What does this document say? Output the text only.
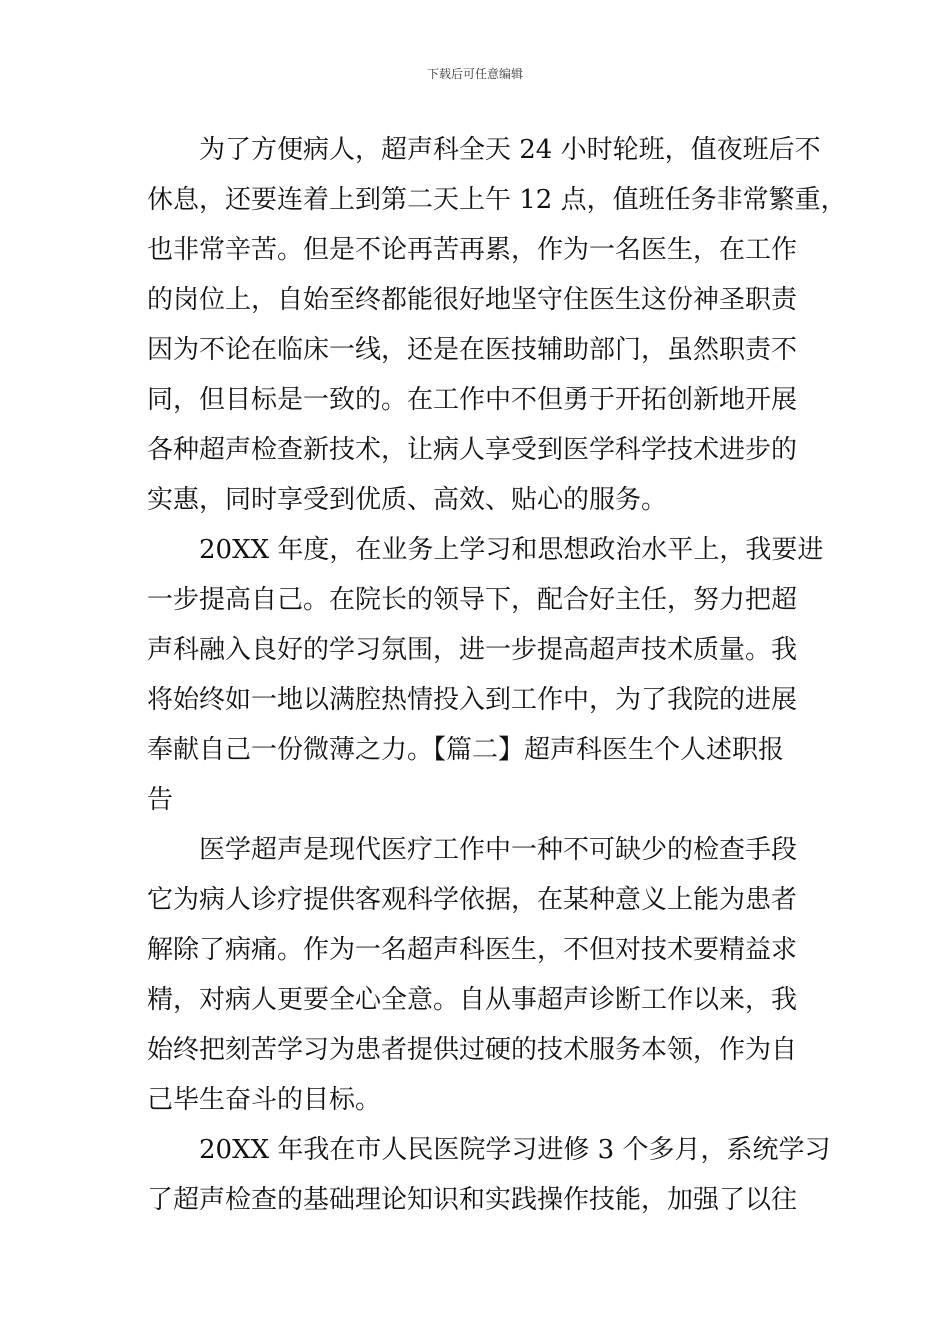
下载后可任意编辑
为了方便病人，超声科全天 24 小时轮班，值夜班后不
休息，还要连着上到第二天上午 12 点，值班任务非常繁重，
也非常辛苦。但是不论再苦再累，作为一名医生，在工作
的岗位上，自始至终都能很好地坚守住医生这份神圣职责
因为不论在临床一线，还是在医技辅助部门，虽然职责不
同，但目标是一致的。在工作中不但勇于开拓创新地开展
各种超声检查新技术，让病人享受到医学科学技术进步的
实惠，同时享受到优质、高效、贴心的服务。
20XX 年度，在业务上学习和思想政治水平上，我要进
一步提高自己。在院长的领导下，配合好主任，努力把超
声科融入良好的学习氛围，进一步提高超声技术质量。我
将始终如一地以满腔热情投入到工作中，为了我院的进展
奉献自己一份微薄之力。【篇二】超声科医生个人述职报
告
医学超声是现代医疗工作中一种不可缺少的检查手段
它为病人诊疗提供客观科学依据，在某种意义上能为患者
解除了病痛。作为一名超声科医生，不但对技术要精益求
精，对病人更要全心全意。自从事超声诊断工作以来，我
始终把刻苦学习为患者提供过硬的技术服务本领，作为自
己毕生奋斗的目标。
20XX 年我在市人民医院学习进修 3 个多月，系统学习
了超声检查的基础理论知识和实践操作技能，加强了以往
